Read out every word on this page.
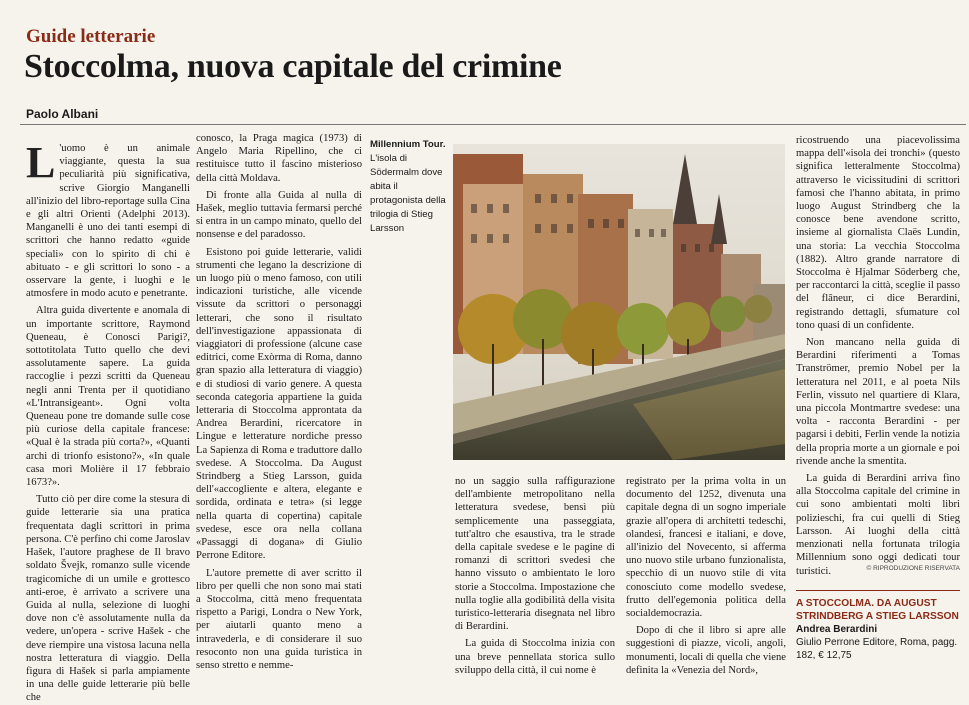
Guide letterarie
Stoccolma, nuova capitale del crimine
Paolo Albani

L 'uomo è un animale viaggiante, questa la sua peculiarità più significativa, scrive Giorgio Manganelli all'inizio del libro-reportage sulla Cina e gli altri Orienti (Adelphi 2013). Manganelli è uno dei tanti esempi di scrittori che hanno redatto «guide speciali» con lo spirito di chi è abituato - e gli scrittori lo sono - a osservare la gente, i luoghi e le atmosfere in modo acuto e penetrante.

Altra guida divertente e anomala di un importante scrittore, Raymond Queneau, è Conosci Parigi?, sottotitolata Tutto quello che devi assolutamente sapere. La guida raccoglie i pezzi scritti da Queneau negli anni Trenta per il quotidiano «L'Intransigeant». Ogni volta Queneau pone tre domande sulle cose più curiose della capitale francese: «Qual è la strada più corta?», «Quanti archi di trionfo esistono?», «In quale casa morì Molière il 17 febbraio 1673?».

Tutto ciò per dire come la stesura di guide letterarie sia una pratica frequentata dagli scrittori in prima persona. C'è perfino chi come Jaroslav Hašek, l'autore praghese de Il bravo soldato Švejk, romanzo sulle vicende tragicomiche di un umile e grottesco anti-eroe, è arrivato a scrivere una Guida al nulla, selezione di luoghi dove non c'è assolutamente nulla da vedere, un'opera - scrive Hašek - che deve riempire una vistosa lacuna nella nostra letteratura di viaggio. Della figura di Hašek si parla ampiamente in una delle guide letterarie più belle che

conosco, la Praga magica (1973) di Angelo Maria Ripellino, che ci restituisce tutto il fascino misterioso della città Moldava.

Di fronte alla Guida al nulla di Hašek, meglio tuttavia fermarsi perché si entra in un campo minato, quello del nonsense e del paradosso.

Esistono poi guide letterarie, validi strumenti che legano la descrizione di un luogo più o meno famoso, con utili indicazioni turistiche, alle vicende vissute da scrittori o personaggi letterari, che sono il risultato dell'investigazione appassionata di viaggiatori di professione (alcune case editrici, come Exòrma di Roma, danno gran spazio alla letteratura di viaggio) e di studiosi di vario genere. A questa seconda categoria appartiene la guida letteraria di Stoccolma approntata da Andrea Berardini, ricercatore in Lingue e letterature nordiche presso La Sapienza di Roma e traduttore dallo svedese. A Stoccolma. Da August Strindberg a Stieg Larsson, guida dell'«accogliente e altera, elegante e sordida, ordinata e tetra» (si legge nella quarta di copertina) capitale svedese, esce ora nella collana «Passaggi di dogana» di Giulio Perrone Editore.

L'autore premette di aver scritto il libro per quelli che non sono mai stati a Stoccolma, città meno frequentata rispetto a Parigi, Londra o New York, per aiutarli quanto meno a intravederla, e di considerare il suo resoconto non una guida turistica in senso stretto e nemme-

Millennium Tour.
L'isola di Södermalm dove abita il protagonista della trilogia di Stieg Larsson

no un saggio sulla raffigurazione dell'ambiente metropolitano nella letteratura svedese, bensì più semplicemente una passeggiata, tutt'altro che esaustiva, tra le strade della capitale svedese e le pagine di romanzi di scrittori svedesi che hanno vissuto o ambientato le loro storie a Stoccolma. Impostazione che nulla toglie alla godibilità della visita turistico-letteraria disegnata nel libro di Berardini.

La guida di Stoccolma inizia con una breve pennellata storica sullo sviluppo della città, il cui nome è

registrato per la prima volta in un documento del 1252, divenuta una capitale degna di un sogno imperiale grazie all'opera di architetti tedeschi, olandesi, francesi e italiani, e dove, all'inizio del Novecento, si afferma uno nuovo stile urbano funzionalista, specchio di un nuovo stile di vita conosciuto come modello svedese, frutto dell'egemonia politica della socialdemocrazia.

Dopo di che il libro si apre alle suggestioni di piazze, vicoli, angoli, monumenti, locali di quella che viene definita la «Venezia del Nord»,

ricostruendo una piacevolissima mappa dell'«isola dei tronchi» (questo significa letteralmente Stoccolma) attraverso le vicissitudini di scrittori famosi che l'hanno abitata, in primo luogo August Strindberg che la conosce bene avendone scritto, insieme al giornalista Claës Lundin, una storia: La vecchia Stoccolma (1882). Altro grande narratore di Stoccolma è Hjalmar Söderberg che, per raccontarci la città, sceglie il passo del flâneur, ci dice Berardini, registrando dettagli, sfumature col tono quasi di un confidente.

Non mancano nella guida di Berardini riferimenti a Tomas Tranströmer, premio Nobel per la letteratura nel 2011, e al poeta Nils Ferlin, vissuto nel quartiere di Klara, una piccola Montmartre svedese: una volta - racconta Berardini - per pagarsi i debiti, Ferlin vende la notizia della propria morte a un giornale e poi rivende anche la smentita.

La guida di Berardini arriva fino alla Stoccolma capitale del crimine in cui sono ambientati molti libri polizieschi, fra cui quelli di Stieg Larsson. Ai luoghi della città menzionati nella fortunata trilogia Millennium sono oggi dedicati tour turistici.	© RIPRODUZIONE RISERVATA
A STOCCOLMA. DA AUGUST STRINDBERG A STIEG LARSSON
Andrea Berardini
Giulio Perrone Editore, Roma, pagg. 182, € 12,75
